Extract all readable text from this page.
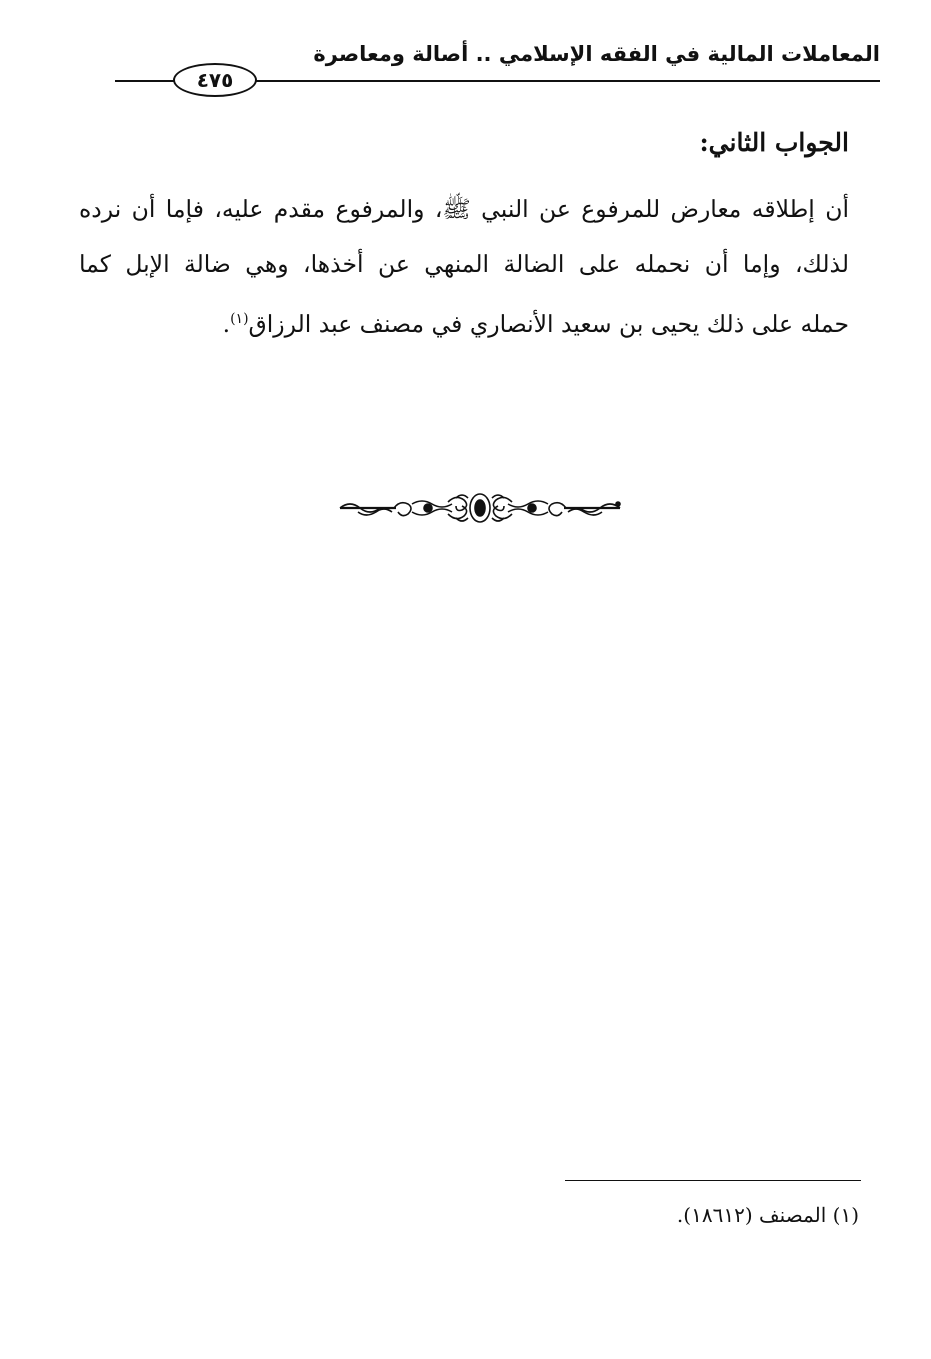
٤٧٥
المعاملات المالية في الفقه الإسلامي .. أصالة ومعاصرة
الجواب الثاني:
أن إطلاقه معارض للمرفوع عن النبي ﷺ، والمرفوع مقدم عليه، فإما أن نرده
لذلك، وإما أن نحمله على الضالة المنهي عن أخذها، وهي ضالة الإبل كما
حمله على ذلك يحيى بن سعيد الأنصاري في مصنف عبد الرزاق$^{(١)}$.
(١) المصنف (١٨٦١٢).
